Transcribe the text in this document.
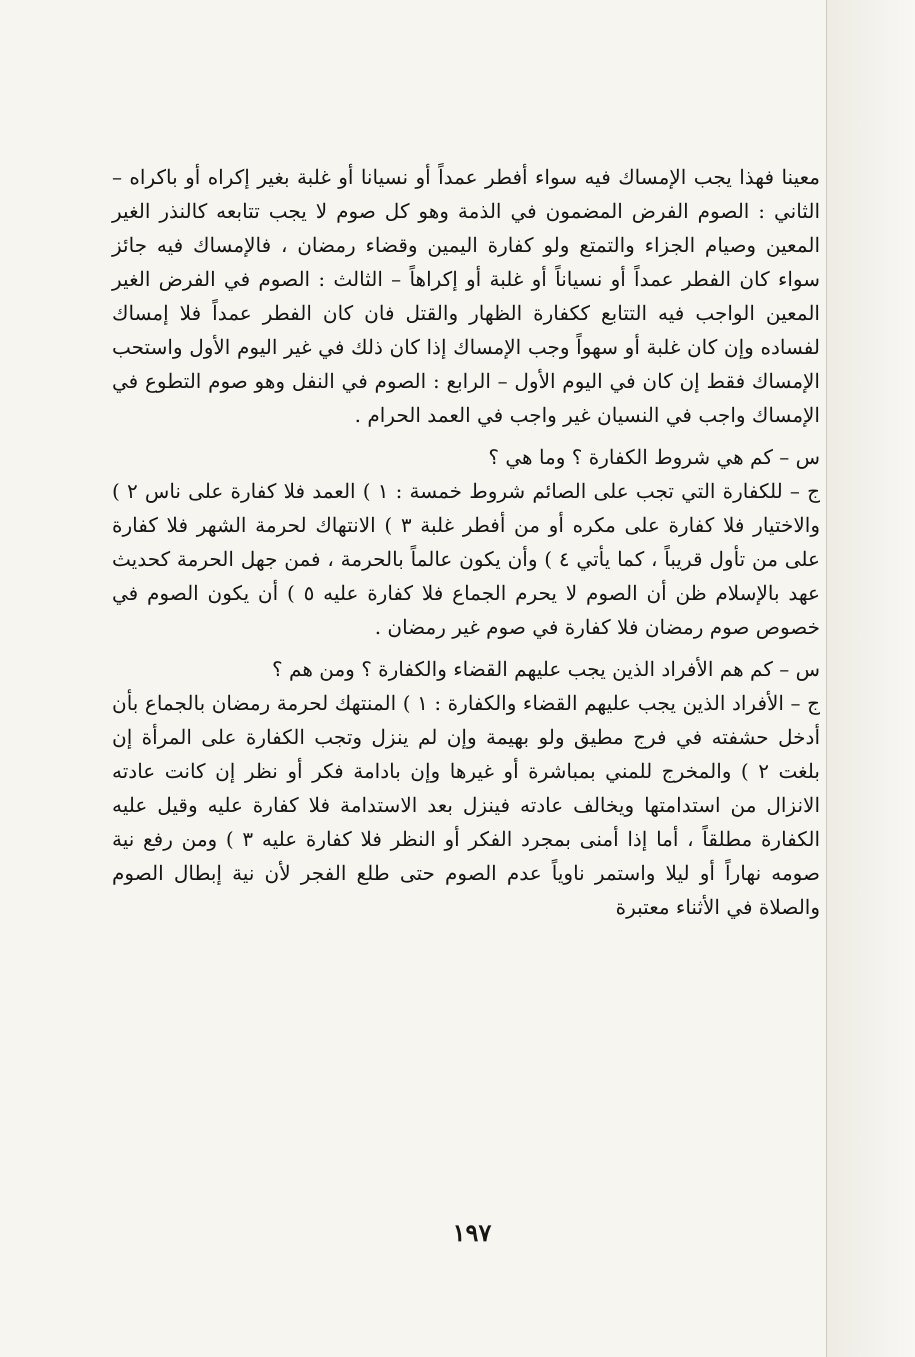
معينا فهذا يجب الإمساك فيه سواء أفطر عمداً أو نسيانا أو غلبة بغير إكراه أو باكراه – الثاني : الصوم الفرض المضمون في الذمة وهو كل صوم لا يجب تتابعه كالنذر الغير المعين وصيام الجزاء والتمتع ولو كفارة اليمين وقضاء رمضان ، فالإمساك فيه جائز سواء كان الفطر عمداً أو نسياناً أو غلبة أو إكراهاً – الثالث : الصوم في الفرض الغير المعين الواجب فيه التتابع ككفارة الظهار والقتل فان كان الفطر عمداً فلا إمساك لفساده وإن كان غلبة أو سهواً وجب الإمساك إذا كان ذلك في غير اليوم الأول واستحب الإمساك فقط إن كان في اليوم الأول – الرابع : الصوم في النفل وهو صوم التطوع في الإمساك واجب في النسيان غير واجب في العمد الحرام .

س – كم هي شروط الكفارة ؟ وما هي ؟

ج – للكفارة التي تجب على الصائم شروط خمسة : ١ ) العمد فلا كفارة على ناس ٢ ) والاختيار فلا كفارة على مكره أو من أفطر غلبة ٣ ) الانتهاك لحرمة الشهر فلا كفارة على من تأول قريباً ، كما يأتي ٤ ) وأن يكون عالماً بالحرمة ، فمن جهل الحرمة كحديث عهد بالإسلام ظن أن الصوم لا يحرم الجماع فلا كفارة عليه ٥ ) أن يكون الصوم في خصوص صوم رمضان فلا كفارة في صوم غير رمضان .

س – كم هم الأفراد الذين يجب عليهم القضاء والكفارة ؟ ومن هم ؟

ج – الأفراد الذين يجب عليهم القضاء والكفارة : ١ ) المنتهك لحرمة رمضان بالجماع بأن أدخل حشفته في فرج مطيق ولو بهيمة وإن لم ينزل وتجب الكفارة على المرأة إن بلغت ٢ ) والمخرج للمني بمباشرة أو غيرها وإن بادامة فكر أو نظر إن كانت عادته الانزال من استدامتها ويخالف عادته فينزل بعد الاستدامة فلا كفارة عليه وقيل عليه الكفارة مطلقاً ، أما إذا أمنى بمجرد الفكر أو النظر فلا كفارة عليه ٣ ) ومن رفع نية صومه نهاراً أو ليلا واستمر ناوياً عدم الصوم حتى طلع الفجر لأن نية إبطال الصوم والصلاة في الأثناء معتبرة

١٩٧
